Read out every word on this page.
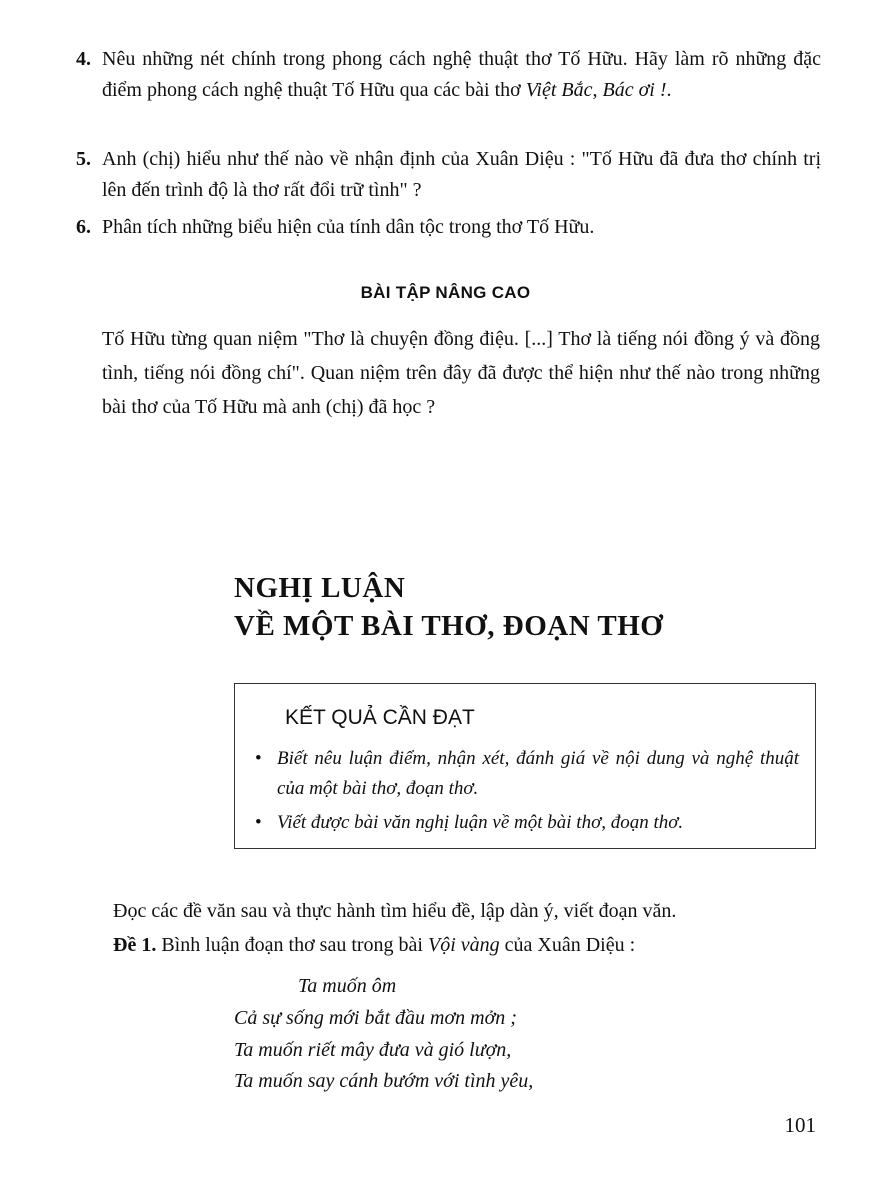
4. Nêu những nét chính trong phong cách nghệ thuật thơ Tố Hữu. Hãy làm rõ những đặc điểm phong cách nghệ thuật Tố Hữu qua các bài thơ Việt Bắc, Bác ơi !.
5. Anh (chị) hiểu như thế nào về nhận định của Xuân Diệu : "Tố Hữu đã đưa thơ chính trị lên đến trình độ là thơ rất đổi trữ tình" ?
6. Phân tích những biểu hiện của tính dân tộc trong thơ Tố Hữu.
BÀI TẬP NÂNG CAO
Tố Hữu từng quan niệm "Thơ là chuyện đồng điệu. [...] Thơ là tiếng nói đồng ý và đồng tình, tiếng nói đồng chí". Quan niệm trên đây đã được thể hiện như thế nào trong những bài thơ của Tố Hữu mà anh (chị) đã học ?
NGHỊ LUẬN
VỀ MỘT BÀI THƠ, ĐOẠN THƠ
KẾT QUẢ CẦN ĐẠT
• Biết nêu luận điểm, nhận xét, đánh giá về nội dung và nghệ thuật của một bài thơ, đoạn thơ.
• Viết được bài văn nghị luận về một bài thơ, đoạn thơ.
Đọc các đề văn sau và thực hành tìm hiểu đề, lập dàn ý, viết đoạn văn.
Đề 1. Bình luận đoạn thơ sau trong bài Vội vàng của Xuân Diệu :
Ta muốn ôm
Cả sự sống mới bắt đầu mơn mởn ;
Ta muốn riết mây đưa và gió lượn,
Ta muốn say cánh bướm với tình yêu,
101
